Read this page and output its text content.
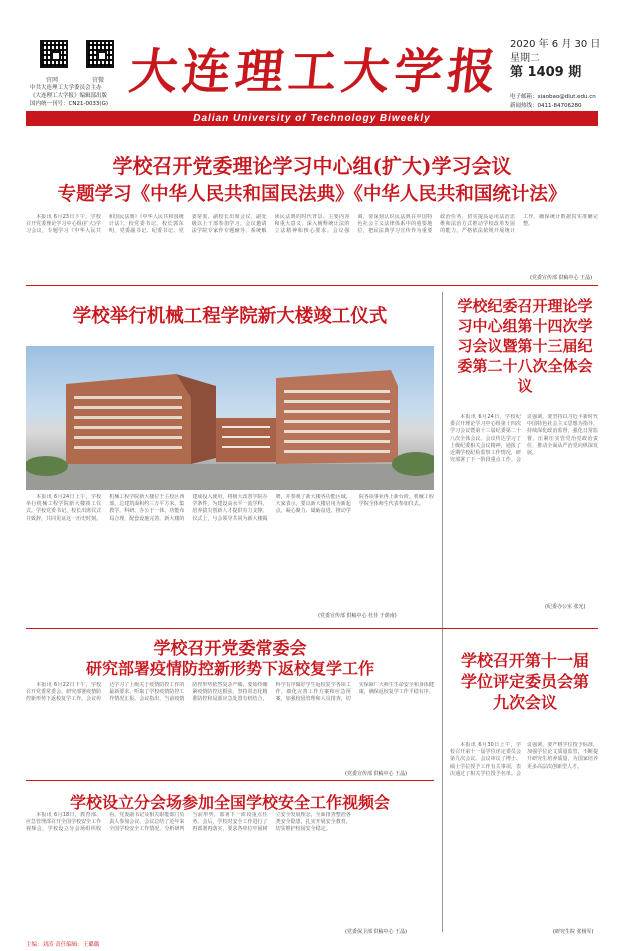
官网	官微
中共大连理工大学委员会主办
《大连理工大学报》编辑部出版
国内统一刊号：CN21-0033(G)
大连理工大学报 2020 年 6 月 30 日
星期二
第 1409 期
电子邮箱：xiaobao@dlut.edu.cn
新闻热线：0411-84706280
Dalian University of Technology Biweekly
学校召开党委理论学习中心组(扩大)学习会议
专题学习《中华人民共和国民法典》《中华人民共和国统计法》
本报讯 6月23日下午，学校召开党委理论学习中心组(扩大)学习会议，专题学习《中华人民共和国民法典》《中华人民共和国统计法》。校党委书记、校长郭东明，党委副书记、纪委书记、党委常委、副校长出席会议，副处级以上干部参加学习。会议邀请法学院专家作专题辅导，系统解读民法典的时代背景、主要内容和重大意义，深入阐释统计法的立法精神和核心要求。会议强调，要深刻认识民法典在中国特色社会主义法律体系中的重要地位，把民法典学习宣传作为重要政治任务，切实提高运用法治思维和法治方式推动学校改革发展的能力，严格依法依规开展统计工作，确保统计数据真实准确完整。
(党委宣传部 供稿中心 王晶)
学校举行机械工程学院新大楼竣工仪式
本报讯 6月24日上午，学校举行机械工程学院新大楼竣工仪式。学校党委书记、校长出席仪式并致辞，共同见证这一历史时刻。机械工程学院新大楼位于主校区西部，总建筑面积约三万平方米，集教学、科研、办公于一体，功能布局合理，配套设施完善。新大楼的建成投入使用，将极大改善学院办学条件，为建设高水平一流学科、培养拔尖创新人才提供有力支撑。仪式上，与会领导共同为新大楼揭牌，并参观了新大楼各功能区域。大家表示，要以新大楼启用为新起点，凝心聚力、砥砺奋进，推动学院各项事业再上新台阶。机械工程学院全体师生代表参加仪式。
(党委宣传部 供稿中心 杜佳 于荫南)
学校纪委召开理论学习中心组第十四次学习会议暨第十三届纪委第二十八次全体会议
本报讯 6月24日，学校纪委召开理论学习中心组第十四次学习会议暨第十三届纪委第二十八次全体会议。会议传达学习了上级纪委相关会议精神，通报了近期学校纪检监察工作情况，研究部署了下一阶段重点工作。会议强调，要坚持以习近平新时代中国特色社会主义思想为指导，持续深化政治监督，强化日常监督，压紧压实管党治党政治责任，推动全面从严治党向纵深发展。
(纪委办公室 张光)
学校召开党委常委会
研究部署疫情防控新形势下返校复学工作
本报讯 6月22日下午，学校召开党委常委会，研究部署疫情防控新形势下返校复学工作。会议传达学习了上级关于疫情防控工作的最新要求，听取了学校疫情防控工作情况汇报。会议指出，当前疫情防控形势依然复杂严峻，要始终绷紧疫情防控这根弦，坚持常态化精准防控和局部应急处置有机结合，科学有序做好学生返校复学各项工作，细化完善工作方案和应急预案，加强校园管理和人员排查，切实保障广大师生生命安全和身体健康，确保返校复学工作平稳有序。
(党委宣传部 供稿中心 王晶)
学校设立分会场参加全国学校安全工作视频会
本报讯 6月18日，教育部、应急管理部召开全国学校安全工作视频会。学校设立分会场组织收看，党委副书记及相关职能部门负责人参加会议。会议总结了近年来全国学校安全工作情况，分析研判当前形势，部署下一阶段重点任务。会后，学校对安全工作进行了再部署再落实，要求各单位牢固树立安全发展理念，全面排查整治各类安全隐患，扎实开展安全教育，切实维护校园安全稳定。
(党委保卫部 供稿中心 王晶)
学校召开第十一届学位评定委员会第九次会议
本报讯 6月30日上午，学校召开第十一届学位评定委员会第九次会议。会议审议了博士、硕士学位授予工作有关事项，表决通过了相关学位授予名单。会议强调，要严格学位授予标准，加强学位论文质量监管，不断提升研究生培养质量，为国家培养更多高层次创新型人才。
(研究生院 张杨军)
主编：刘涛 责任编辑：王璐璐
